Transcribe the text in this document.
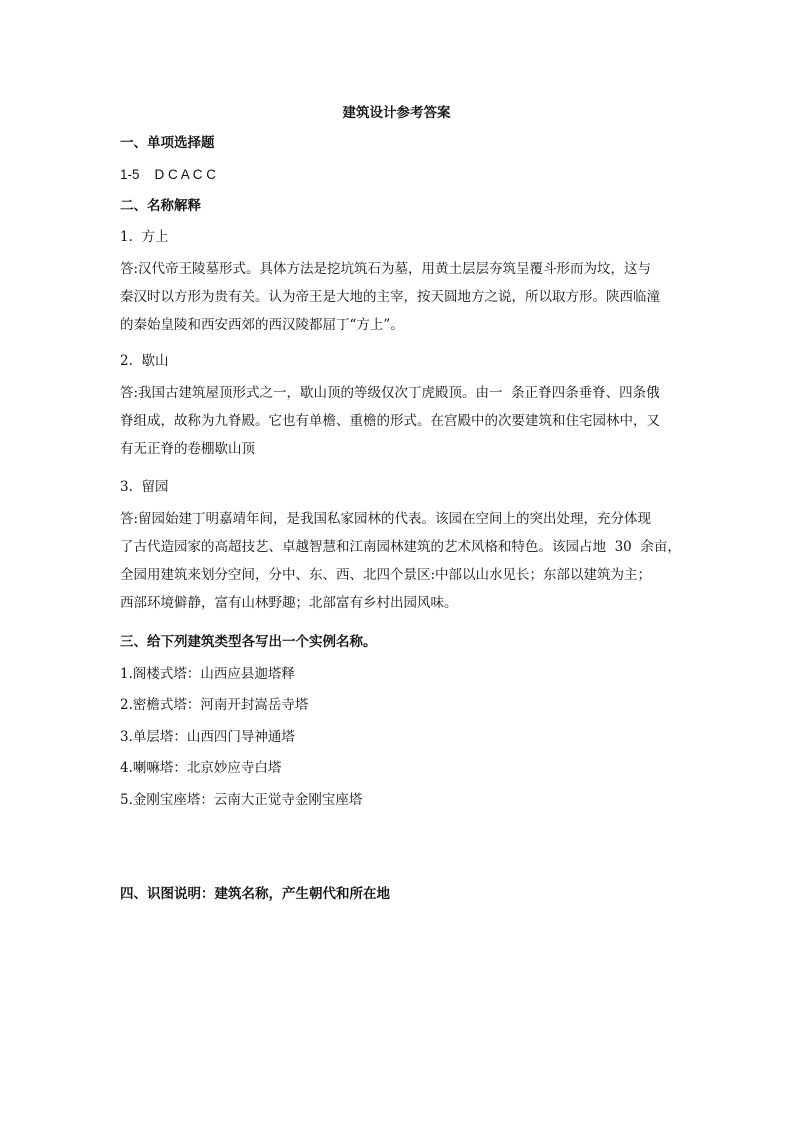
建筑设计参考答案
一、单项选择题
1-5    D C A C C
二、名称解释
1.  方上
答:汉代帝王陵墓形式。具体方法是挖坑筑石为墓，用黄土层层夯筑呈覆斗形而为坟，这与
秦汉时以方形为贵有关。认为帝王是大地的主宰，按天圆地方之说，所以取方形。陕西临潼
的秦始皇陵和西安西郊的西汉陵都屈丁“方上”。
2.  歇山
答:我国古建筑屋顶形式之一，歇山顶的等级仅次丁虎殿顶。由一  条正脊四条垂脊、四条俄
脊组成，故称为九脊殿。它也有单檐、重檐的形式。在宫殿中的次要建筑和住宅园林中，又
有无正脊的卷棚歇山顶
3.  留园
答:留园始建丁明嘉靖年间，是我国私家园林的代表。该园在空间上的突出处理，充分体现
了古代造园家的高超技艺、卓越智慧和江南园林建筑的艺术风格和特色。该园占地  30  余亩，
全园用建筑来划分空间，分中、东、西、北四个景区:中部以山水见长；东部以建筑为主；
西部环境僻静，富有山林野趣；北部富有乡村出园风味。
三、给下列建筑类型各写出一个实例名称。
1.阁楼式塔：山西应县迦塔释
2.密檐式塔：河南开封嵩岳寺塔
3.单层塔：山西四门导神通塔
4.喇嘛塔：北京妙应寺白塔
5.金刚宝座塔：云南大正觉寺金刚宝座塔
四、识图说明：建筑名称，产生朝代和所在地
